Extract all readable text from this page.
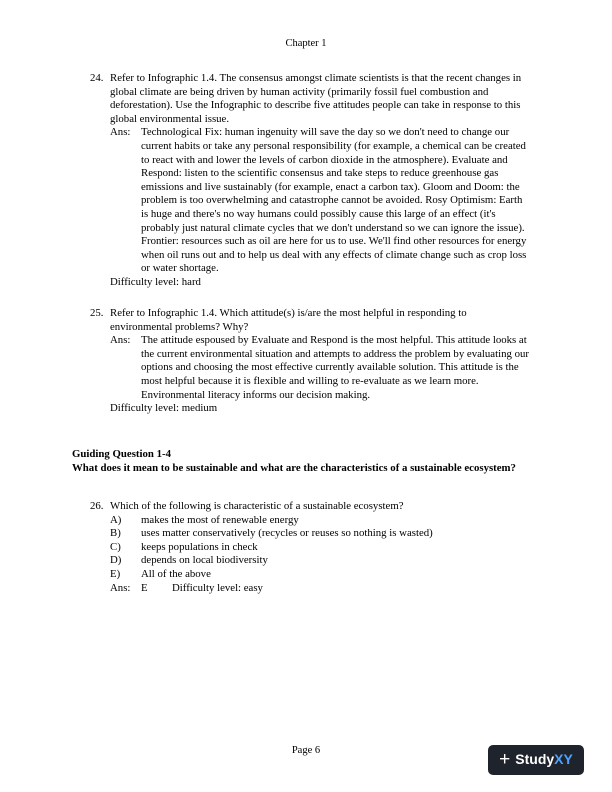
Chapter 1
24. Refer to Infographic 1.4. The consensus amongst climate scientists is that the recent changes in global climate are being driven by human activity (primarily fossil fuel combustion and deforestation). Use the Infographic to describe five attitudes people can take in response to this global environmental issue.
Ans: Technological Fix: human ingenuity will save the day so we don't need to change our current habits or take any personal responsibility (for example, a chemical can be created to react with and lower the levels of carbon dioxide in the atmosphere). Evaluate and Respond: listen to the scientific consensus and take steps to reduce greenhouse gas emissions and live sustainably (for example, enact a carbon tax). Gloom and Doom: the problem is too overwhelming and catastrophe cannot be avoided. Rosy Optimism: Earth is huge and there's no way humans could possibly cause this large of an effect (it's probably just natural climate cycles that we don't understand so we can ignore the issue). Frontier: resources such as oil are here for us to use. We'll find other resources for energy when oil runs out and to help us deal with any effects of climate change such as crop loss or water shortage.
Difficulty level: hard
25. Refer to Infographic 1.4. Which attitude(s) is/are the most helpful in responding to environmental problems? Why?
Ans: The attitude espoused by Evaluate and Respond is the most helpful. This attitude looks at the current environmental situation and attempts to address the problem by evaluating our options and choosing the most effective currently available solution. This attitude is the most helpful because it is flexible and willing to re-evaluate as we learn more. Environmental literacy informs our decision making.
Difficulty level: medium
Guiding Question 1-4
What does it mean to be sustainable and what are the characteristics of a sustainable ecosystem?
26. Which of the following is characteristic of a sustainable ecosystem?
A)	makes the most of renewable energy
B)	uses matter conservatively (recycles or reuses so nothing is wasted)
C)	keeps populations in check
D)	depends on local biodiversity
E)	All of the above
Ans: E Difficulty level: easy
Page 6	+ Study XY
